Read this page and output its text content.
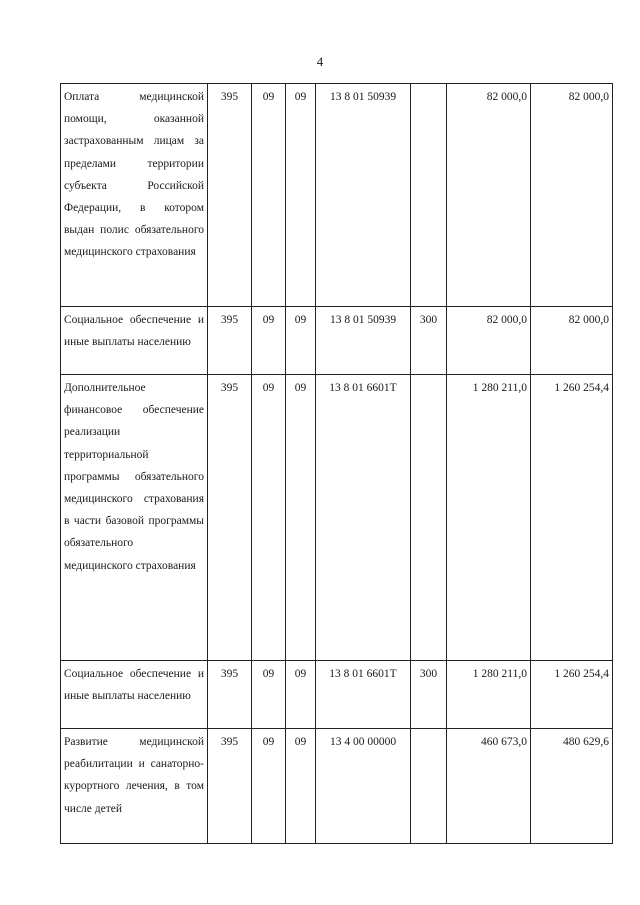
4
Оплата медицинской помощи, оказанной застрахованным лицам за пределами территории субъекта Российской Федерации, в котором выдан полис обязательного медицинского страхования	395	09	09	13 8 01 50939		82 000,0	82 000,0
Социальное обеспечение и иные выплаты населению	395	09	09	13 8 01 50939	300	82 000,0	82 000,0
Дополнительное финансовое обеспечение реализации территориальной программы обязательного медицинского страхования в части базовой программы обязательного медицинского страхования	395	09	09	13 8 01 6601Т		1 280 211,0	1 260 254,4
Социальное обеспечение и иные выплаты населению	395	09	09	13 8 01 6601Т	300	1 280 211,0	1 260 254,4
Развитие медицинской реабилитации и санаторно-курортного лечения, в том числе детей	395	09	09	13 4 00 00000		460 673,0	480 629,6
